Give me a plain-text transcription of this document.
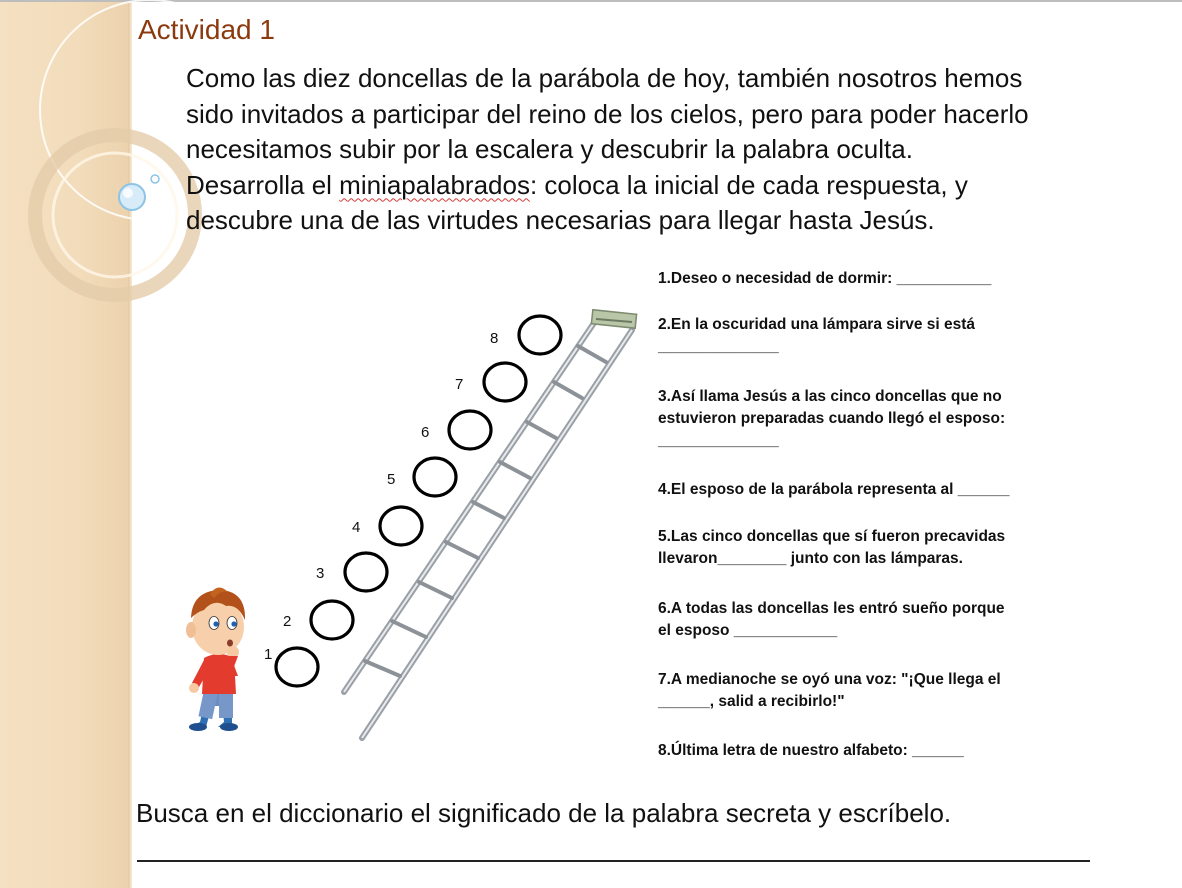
Actividad 1

Como las diez doncellas de la parábola de hoy, también nosotros hemos
sido invitados a participar del reino de los cielos, pero para poder hacerlo
necesitamos subir por la escalera y descubrir la palabra oculta.
Desarrolla el miniapalabrados: coloca la inicial de cada respuesta, y
descubre una de las virtudes necesarias para llegar hasta Jesús.

1
2
3
4
5
6
7
8

1.Deseo o necesidad de dormir: ___________

2.En la oscuridad una lámpara sirve si está
______________

3.Así llama Jesús a las cinco doncellas que no
estuvieron preparadas cuando llegó el esposo:
______________

4.El esposo de la parábola representa al ______

5.Las cinco doncellas que sí fueron precavidas
llevaron________ junto con las lámparas.

6.A todas las doncellas les entró sueño porque
el esposo ____________

7.A medianoche se oyó una voz: "¡Que llega el
______, salid a recibirlo!"

8.Última letra de nuestro alfabeto: ______

Busca en el diccionario el significado de la palabra secreta y escríbelo.
